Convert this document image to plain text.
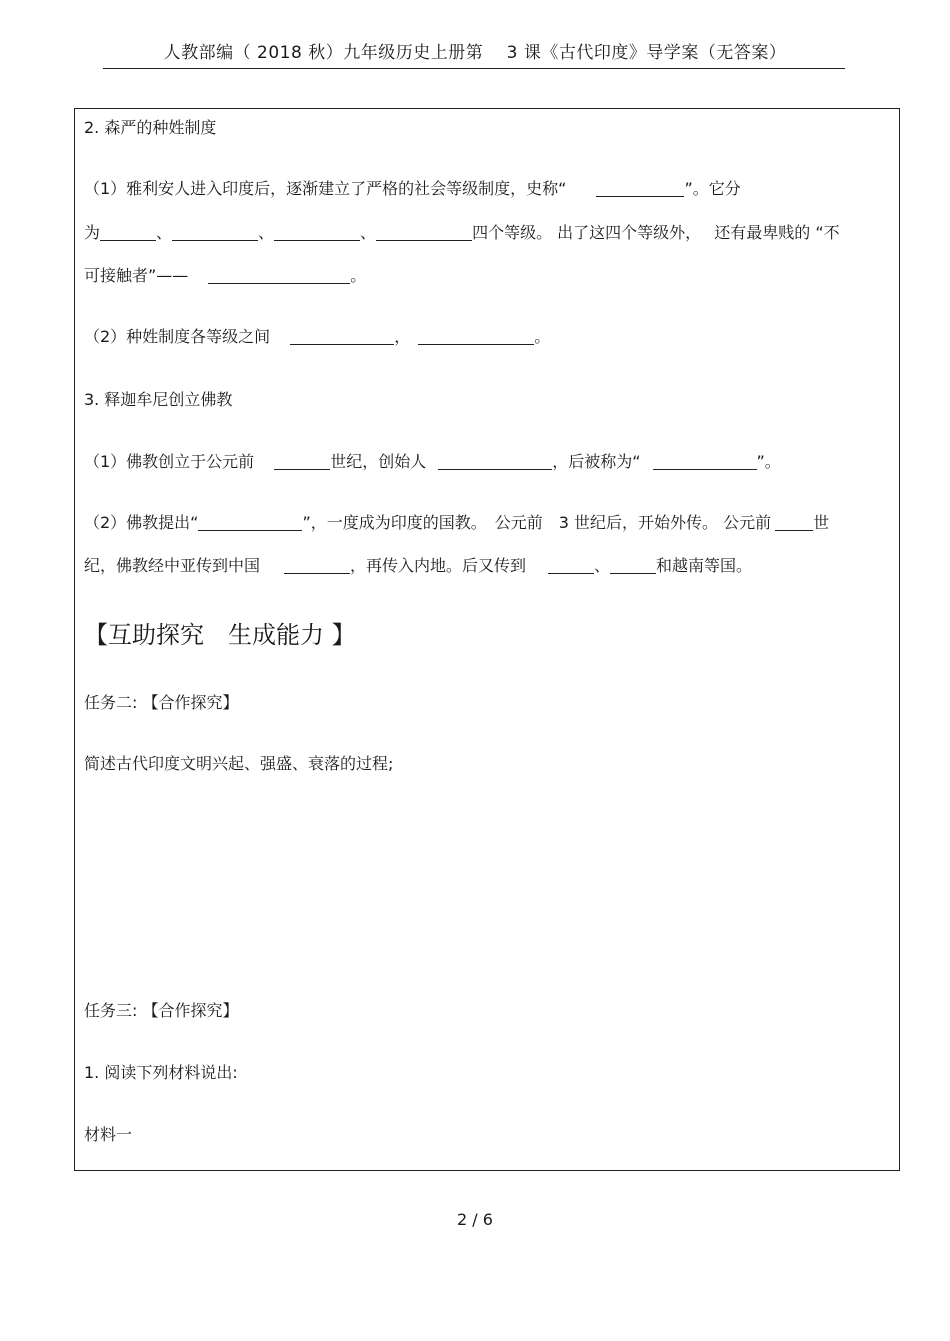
人教部编（ 2018 秋）九年级历史上册第　 3 课《古代印度》导学案（无答案）
2. 森严的种姓制度
（1）雅利安人进入印度后，逐渐建立了严格的社会等级制度，史称“	”。它分
为	、	、	、	四个等级。 出了这四个等级外，　 还有最卑贱的 “不
可接触者”——	。
（2）种姓制度各等级之间	，	。
3. 释迦牟尼创立佛教
（1）佛教创立于公元前	世纪，创始人	，后被称为“	”。
（2）佛教提出“	”，一度成为印度的国教。　公元前　3 世纪后，开始外传。 公元前	世
纪，佛教经中亚传到中国	，再传入内地。后又传到	、	和越南等国。
【互助探究　生成能力 】
任务二: 【合作探究】
简述古代印度文明兴起、强盛、衰落的过程;
任务三: 【合作探究】
1. 阅读下列材料说出:
材料一
2 / 6
